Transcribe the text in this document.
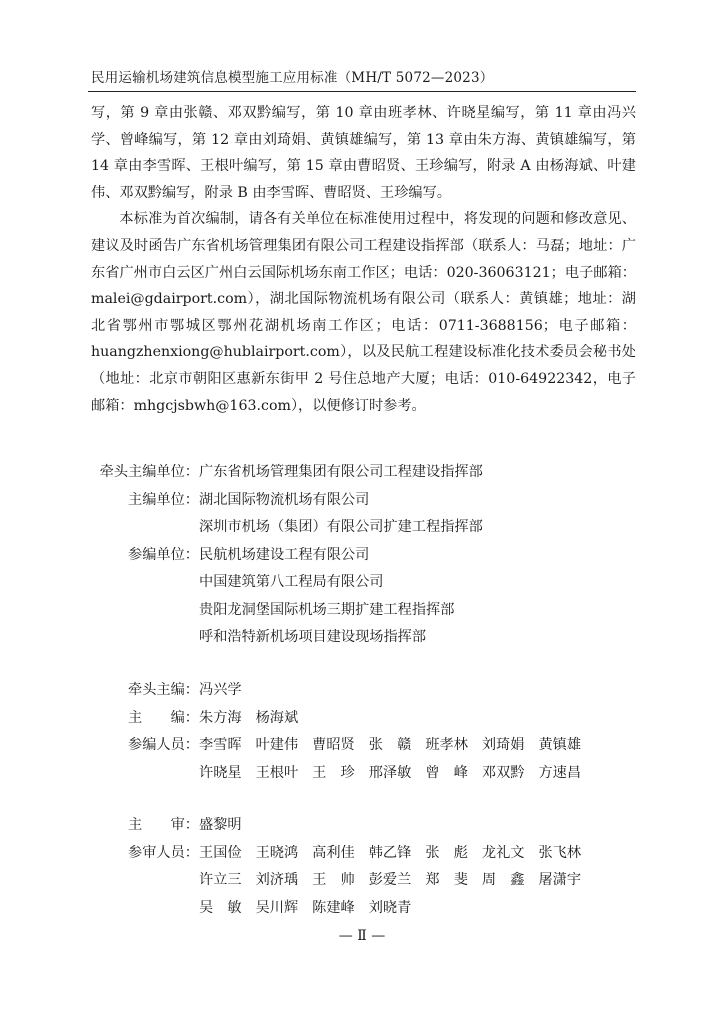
民用运输机场建筑信息模型施工应用标准（MH/T 5072—2023）

写，第 9 章由张赣、邓双黔编写，第 10 章由班孝林、许晓星编写，第 11 章由冯兴学、曾峰编写，第 12 章由刘琦娟、黄镇雄编写，第 13 章由朱方海、黄镇雄编写，第 14 章由李雪晖、王根叶编写，第 15 章由曹昭贤、王珍编写，附录 A 由杨海斌、叶建伟、邓双黔编写，附录 B 由李雪晖、曹昭贤、王珍编写。

本标准为首次编制，请各有关单位在标准使用过程中，将发现的问题和修改意见、建议及时函告广东省机场管理集团有限公司工程建设指挥部（联系人：马磊；地址：广东省广州市白云区广州白云国际机场东南工作区；电话：020-36063121；电子邮箱：malei@gdairport.com），湖北国际物流机场有限公司（联系人：黄镇雄；地址：湖北省鄂州市鄂城区鄂州花湖机场南工作区；电话：0711-3688156；电子邮箱：huangzhenxiong@hublairport.com），以及民航工程建设标准化技术委员会秘书处（地址：北京市朝阳区惠新东街甲 2 号住总地产大厦；电话：010-64922342，电子邮箱：mhgcjsbwh@163.com），以便修订时参考。

牵头主编单位： 广东省机场管理集团有限公司工程建设指挥部
主编单位： 湖北国际物流机场有限公司
深圳市机场（集团）有限公司扩建工程指挥部
参编单位： 民航机场建设工程有限公司
中国建筑第八工程局有限公司
贵阳龙洞堡国际机场三期扩建工程指挥部
呼和浩特新机场项目建设现场指挥部
牵头主编： 冯兴学
主　　编： 朱方海 杨海斌
参编人员： 李雪晖 叶建伟 曹昭贤 张　赣 班孝林 刘琦娟 黄镇雄
许晓星 王根叶 王　珍 邢泽敏 曾　峰 邓双黔 方速昌
主　　审： 盛黎明
参审人员： 王国俭 王晓鸿 高利佳 韩乙锋 张　彪 龙礼文 张飞林
许立三 刘济瑀 王　帅 彭爱兰 郑　斐 周　鑫 屠潇宇
吴　敏 吴川辉 陈建峰 刘晓青
— Ⅱ —
